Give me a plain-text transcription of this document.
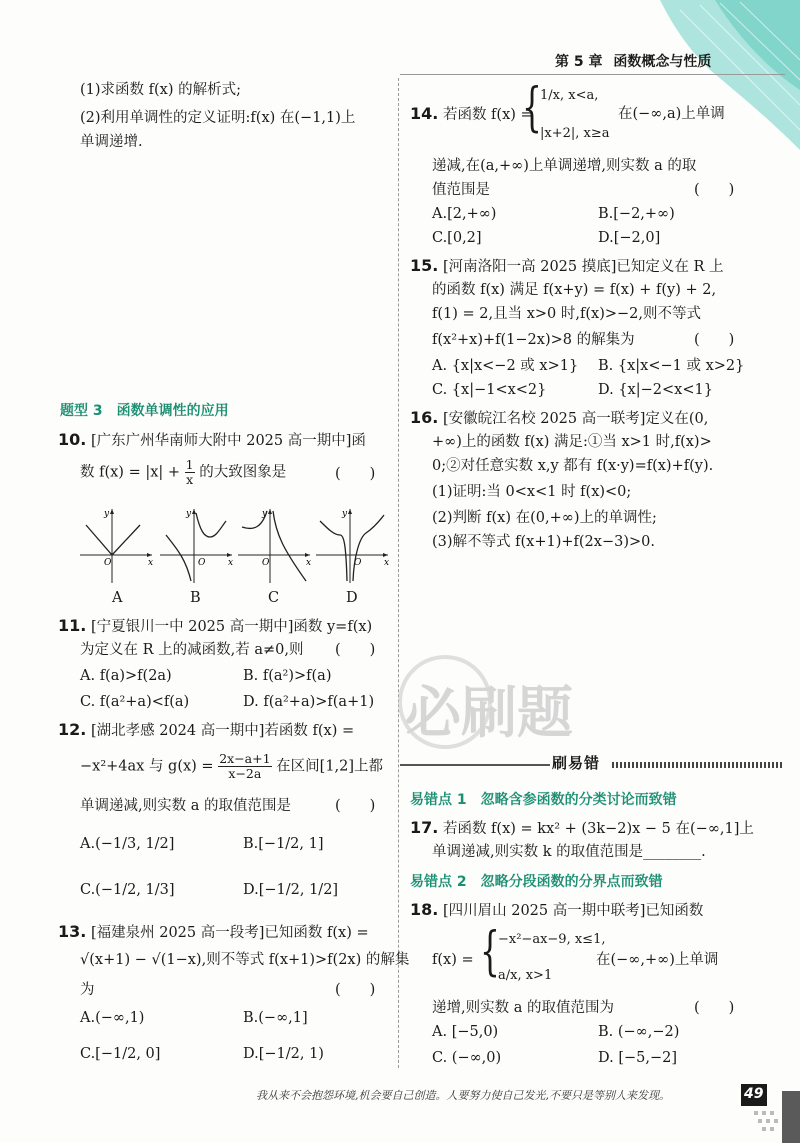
第 5 章 函数概念与性质
(1)求函数 f(x) 的解析式;
(2)利用单调性的定义证明:f(x) 在(−1,1)上
单调递增.
题型 3　函数单调性的应用
10. [广东广州华南师大附中 2025 高一期中]函
数 $f(x) = |x| + \frac{1}{x}$ 的大致图象是	(　　)
y
x
O
y
x
O
y
x
O
y
x
O
A	B	C	D
11. [宁夏银川一中 2025 高一期中]函数 y=f(x)
为定义在 R 上的减函数,若 a≠0,则 (　　)
A. f(a)>f(2a)	B. f(a²)>f(a)
C. f(a²+a)<f(a)	D. f(a²+a)>f(a+1)
12. [湖北孝感 2024 高一期中]若函数 f(x) =
−x²+4ax 与 $g(x) = \frac{2x-a+1}{x-2a}$ 在区间[1,2]上都
单调递减,则实数 a 的取值范围是	(　　)
A.(−1/3, 1/2]	B.[−1/2, 1]
C.(−1/2, 1/3]	D.[−1/2, 1/2]
13. [福建泉州 2025 高一段考]已知函数 f(x) =
√(x+1) − √(1−x),则不等式 f(x+1)>f(2x) 的解集
为	(　　)
A.(−∞,1)	B.(−∞,1]
C.[−1/2, 0]	D.[−1/2, 1)
14. 若函数 f(x) =
{
1/x, x<a,
|x+2|, x≥a
在(−∞,a)上单调
递减,在(a,+∞)上单调递增,则实数 a 的取
值范围是	(　　)
A.[2,+∞)	B.[−2,+∞)
C.[0,2]	D.[−2,0]
15. [河南洛阳一高 2025 摸底]已知定义在 R 上
的函数 f(x) 满足 f(x+y) = f(x) + f(y) + 2,
f(1) = 2,且当 x>0 时,f(x)>−2,则不等式
f(x²+x)+f(1−2x)>8 的解集为	(　　)
A. {x|x<−2 或 x>1} B. {x|x<−1 或 x>2}
C. {x|−1<x<2}	D. {x|−2<x<1}
16. [安徽皖江名校 2025 高一联考]定义在(0,
+∞)上的函数 f(x) 满足:①当 x>1 时,f(x)>
0;②对任意实数 x,y 都有 f(x·y)=f(x)+f(y).
(1)证明:当 0<x<1 时 f(x)<0;
(2)判断 f(x) 在(0,+∞)上的单调性;
(3)解不等式 f(x+1)+f(2x−3)>0.
必刷题
刷易错
易错点 1　忽略含参函数的分类讨论而致错
17. 若函数 f(x) = kx² + (3k−2)x − 5 在(−∞,1]上
单调递减,则实数 k 的取值范围是________.
易错点 2　忽略分段函数的分界点而致错
18. [四川眉山 2025 高一期中联考]已知函数
f(x) = {
−x²−ax−9, x≤1,
a/x, x>1
在(−∞,+∞)上单调
递增,则实数 a 的取值范围为	(　　)
A. [−5,0)	B. (−∞,−2)
C. (−∞,0)	D. [−5,−2]
我从来不会抱怨环境,机会要自己创造。人要努力使自己发光,不要只是等别人来发现。	49
